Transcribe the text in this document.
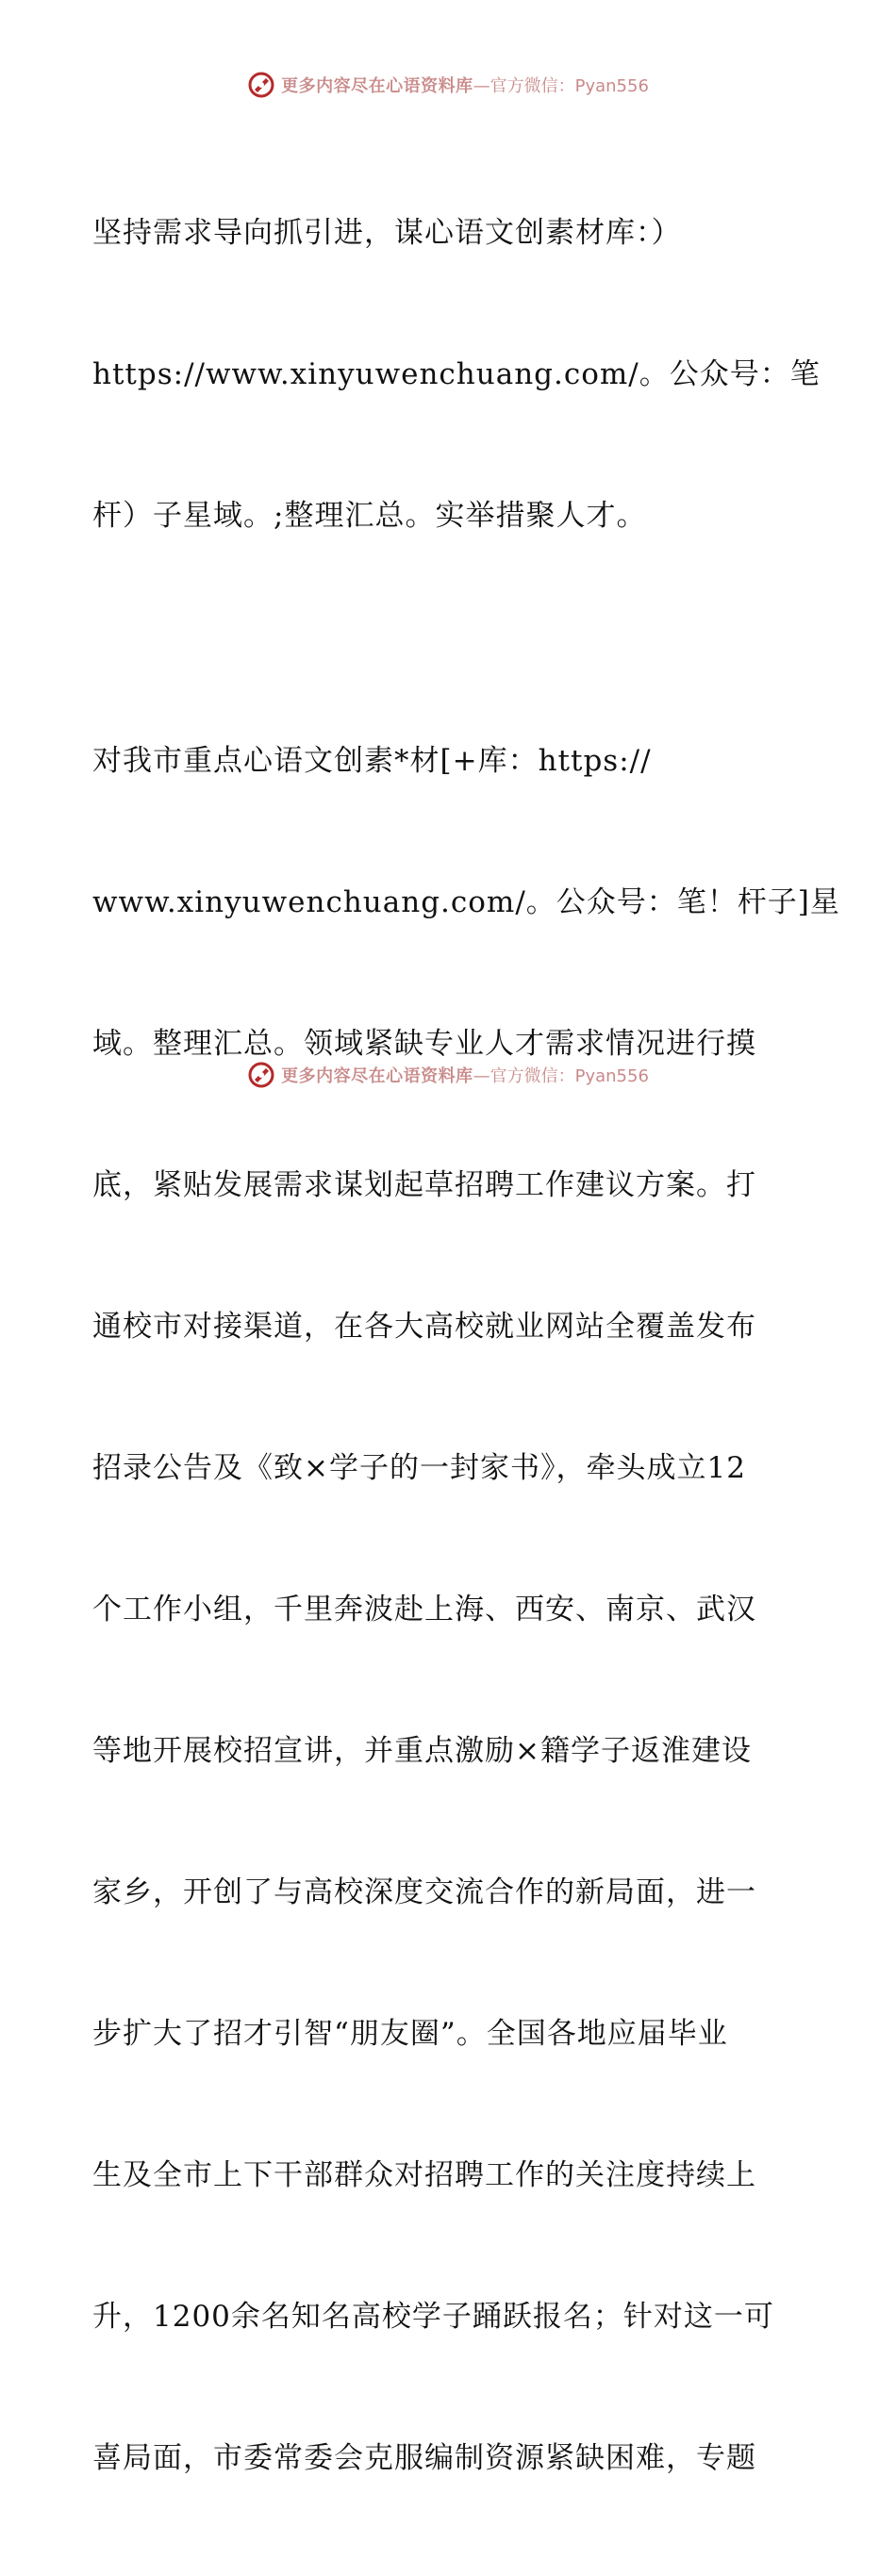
更多内容尽在心语资料库 —官方微信：Pyan556

坚持需求导向抓引进，谋心语文创素材库：）

https://www.xinyuwenchuang.com/。公众号：笔

杆）子星域。;整理汇总。实举措聚人才。

对我市重点心语文创素*材[+库：https://

www.xinyuwenchuang.com/。公众号：笔！杆子]星

域。整理汇总。领域紧缺专业人才需求情况进行摸

底，紧贴发展需求谋划起草招聘工作建议方案。打

通校市对接渠道，在各大高校就业网站全覆盖发布

招录公告及《致×学子的一封家书》，牵头成立12

个工作小组，千里奔波赴上海、西安、南京、武汉

等地开展校招宣讲，并重点激励×籍学子返淮建设

家乡，开创了与高校深度交流合作的新局面，进一

步扩大了招才引智“朋友圈”。全国各地应届毕业

生及全市上下干部群众对招聘工作的关注度持续上

升，1200余名知名高校学子踊跃报名；针对这一可

喜局面，市委常委会克服编制资源紧缺困难，专题

更多内容尽在心语资料库 —官方微信：Pyan556
